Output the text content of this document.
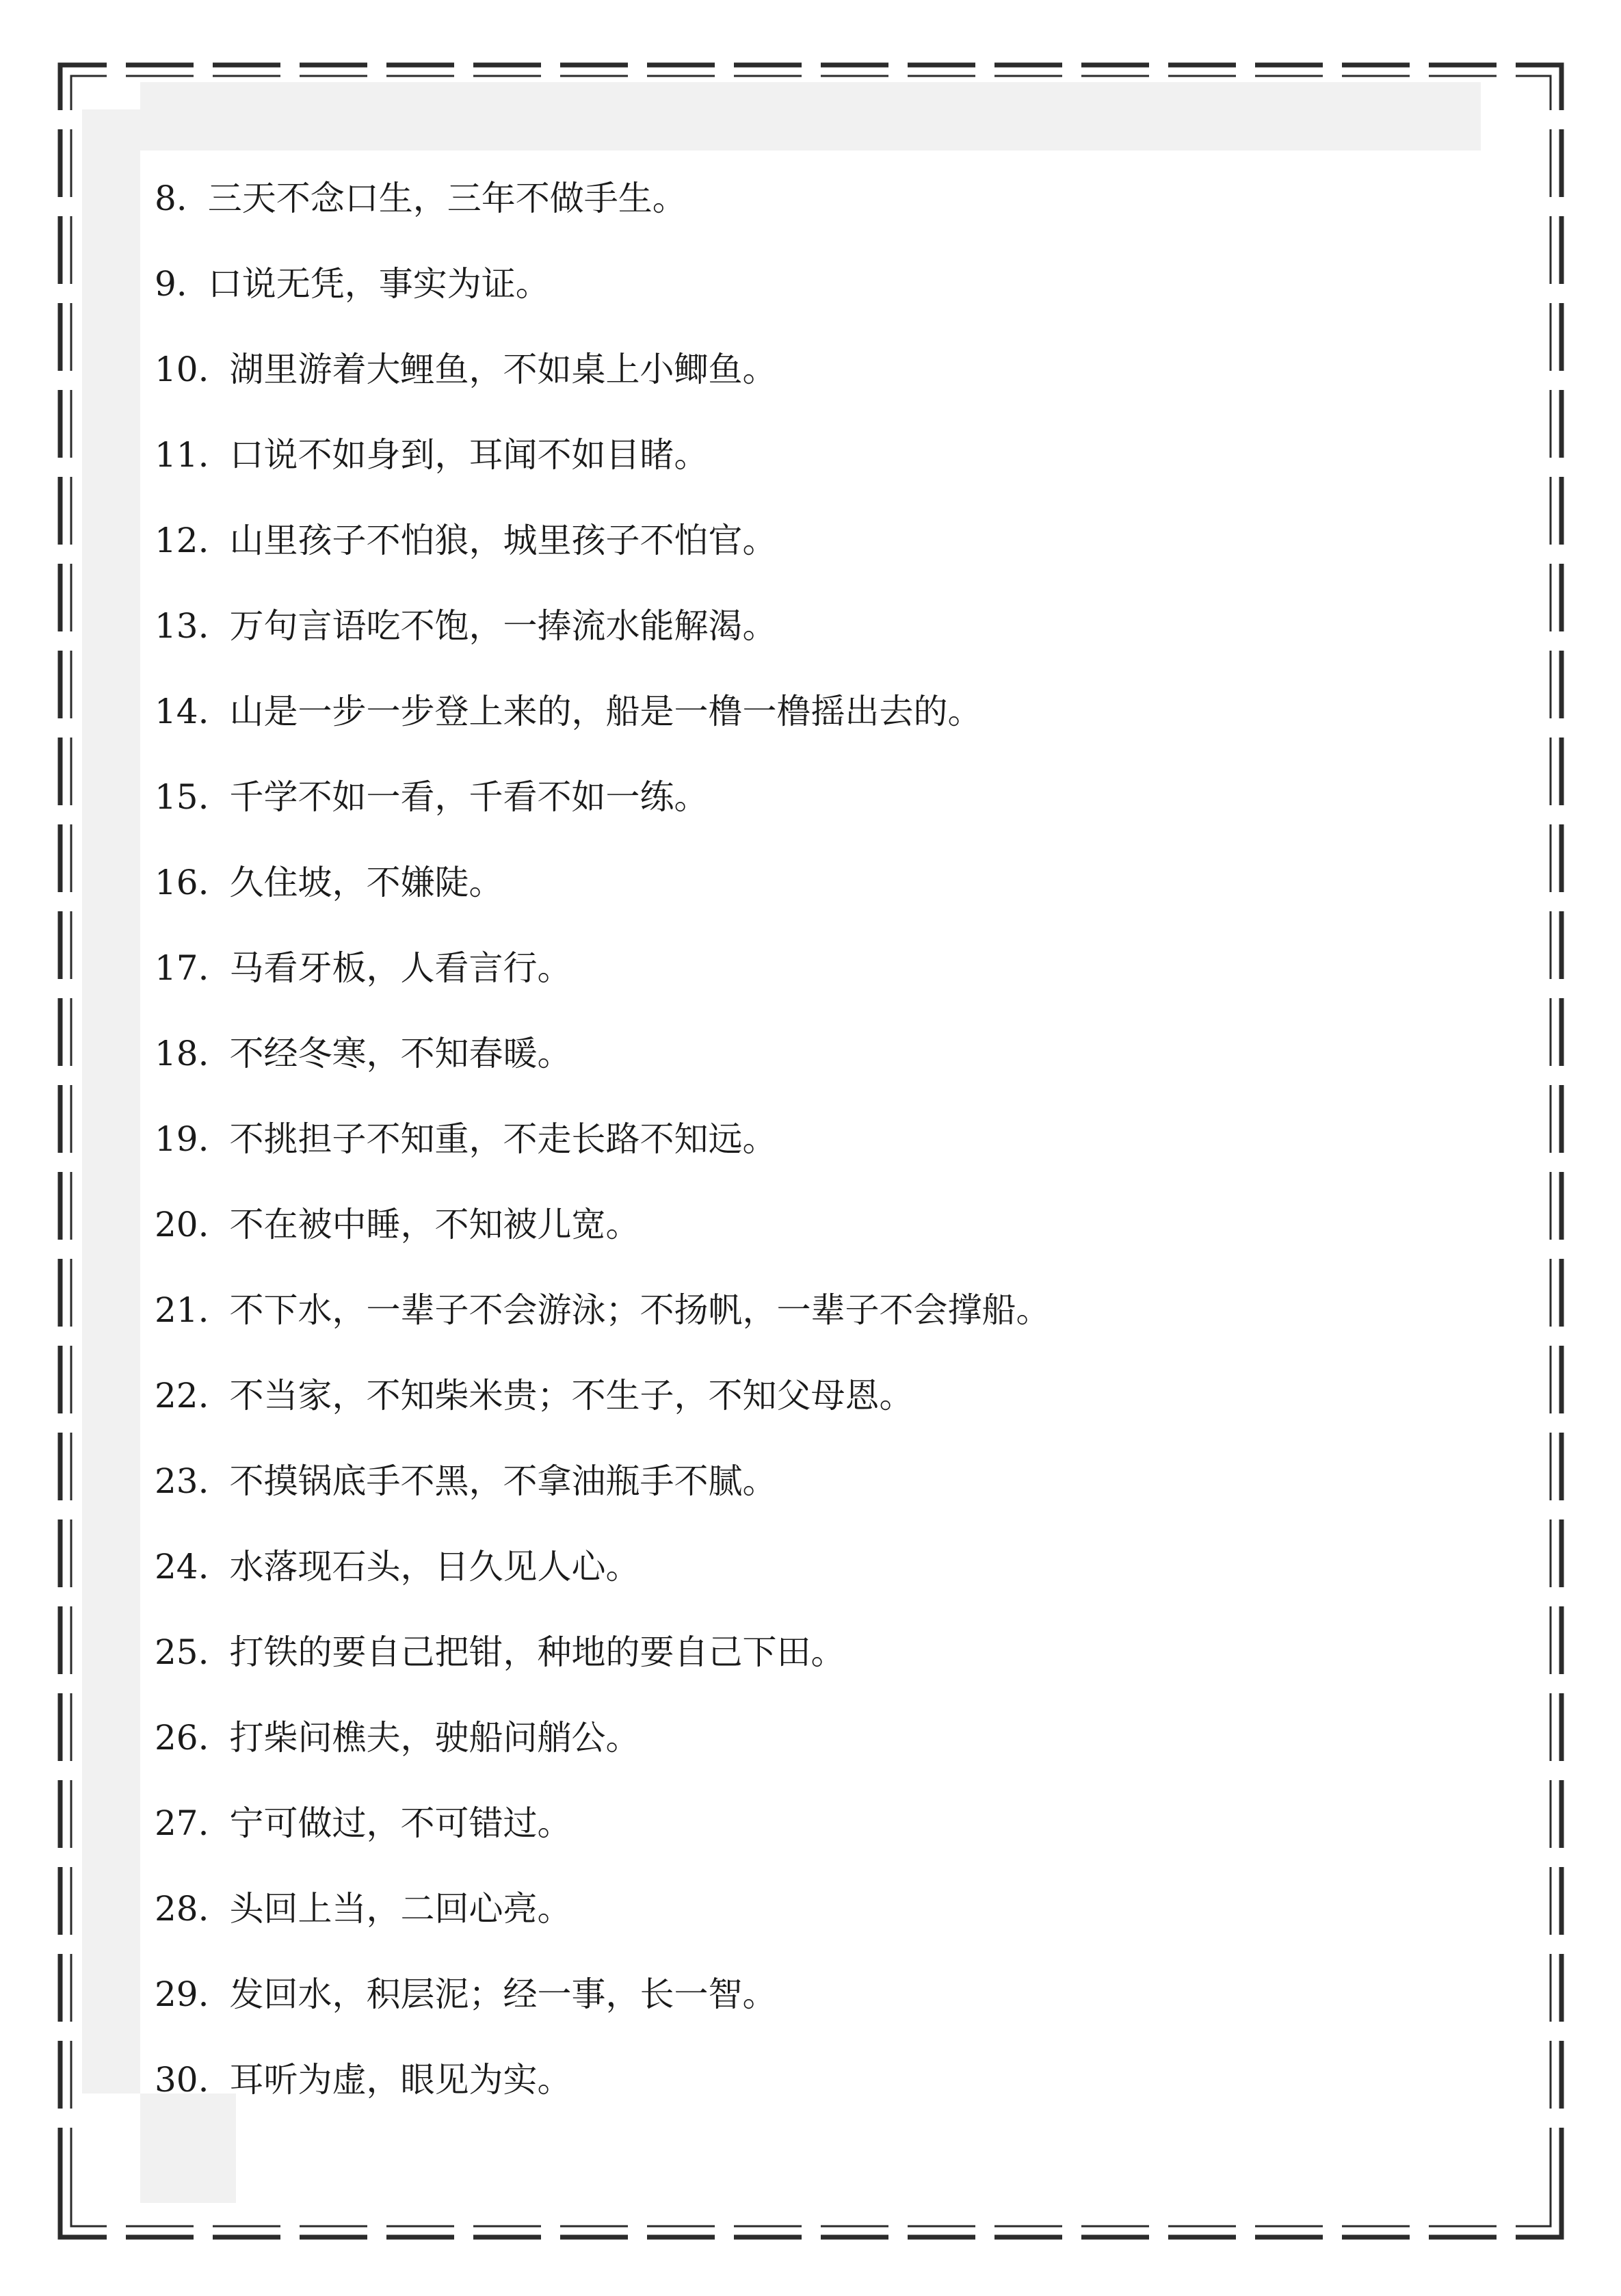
8. 三天不念口生，三年不做手生。
9. 口说无凭，事实为证。
10. 湖里游着大鲤鱼，不如桌上小鲫鱼。
11. 口说不如身到，耳闻不如目睹。
12. 山里孩子不怕狼，城里孩子不怕官。
13. 万句言语吃不饱，一捧流水能解渴。
14. 山是一步一步登上来的，船是一橹一橹摇出去的。
15. 千学不如一看，千看不如一练。
16. 久住坡，不嫌陡。
17. 马看牙板，人看言行。
18. 不经冬寒，不知春暖。
19. 不挑担子不知重，不走长路不知远。
20. 不在被中睡，不知被儿宽。
21. 不下水，一辈子不会游泳；不扬帆，一辈子不会撑船。
22. 不当家，不知柴米贵；不生子，不知父母恩。
23. 不摸锅底手不黑，不拿油瓶手不腻。
24. 水落现石头，日久见人心。
25. 打铁的要自己把钳，种地的要自己下田。
26. 打柴问樵夫，驶船问艄公。
27. 宁可做过，不可错过。
28. 头回上当，二回心亮。
29. 发回水，积层泥；经一事，长一智。
30. 耳听为虚，眼见为实。
